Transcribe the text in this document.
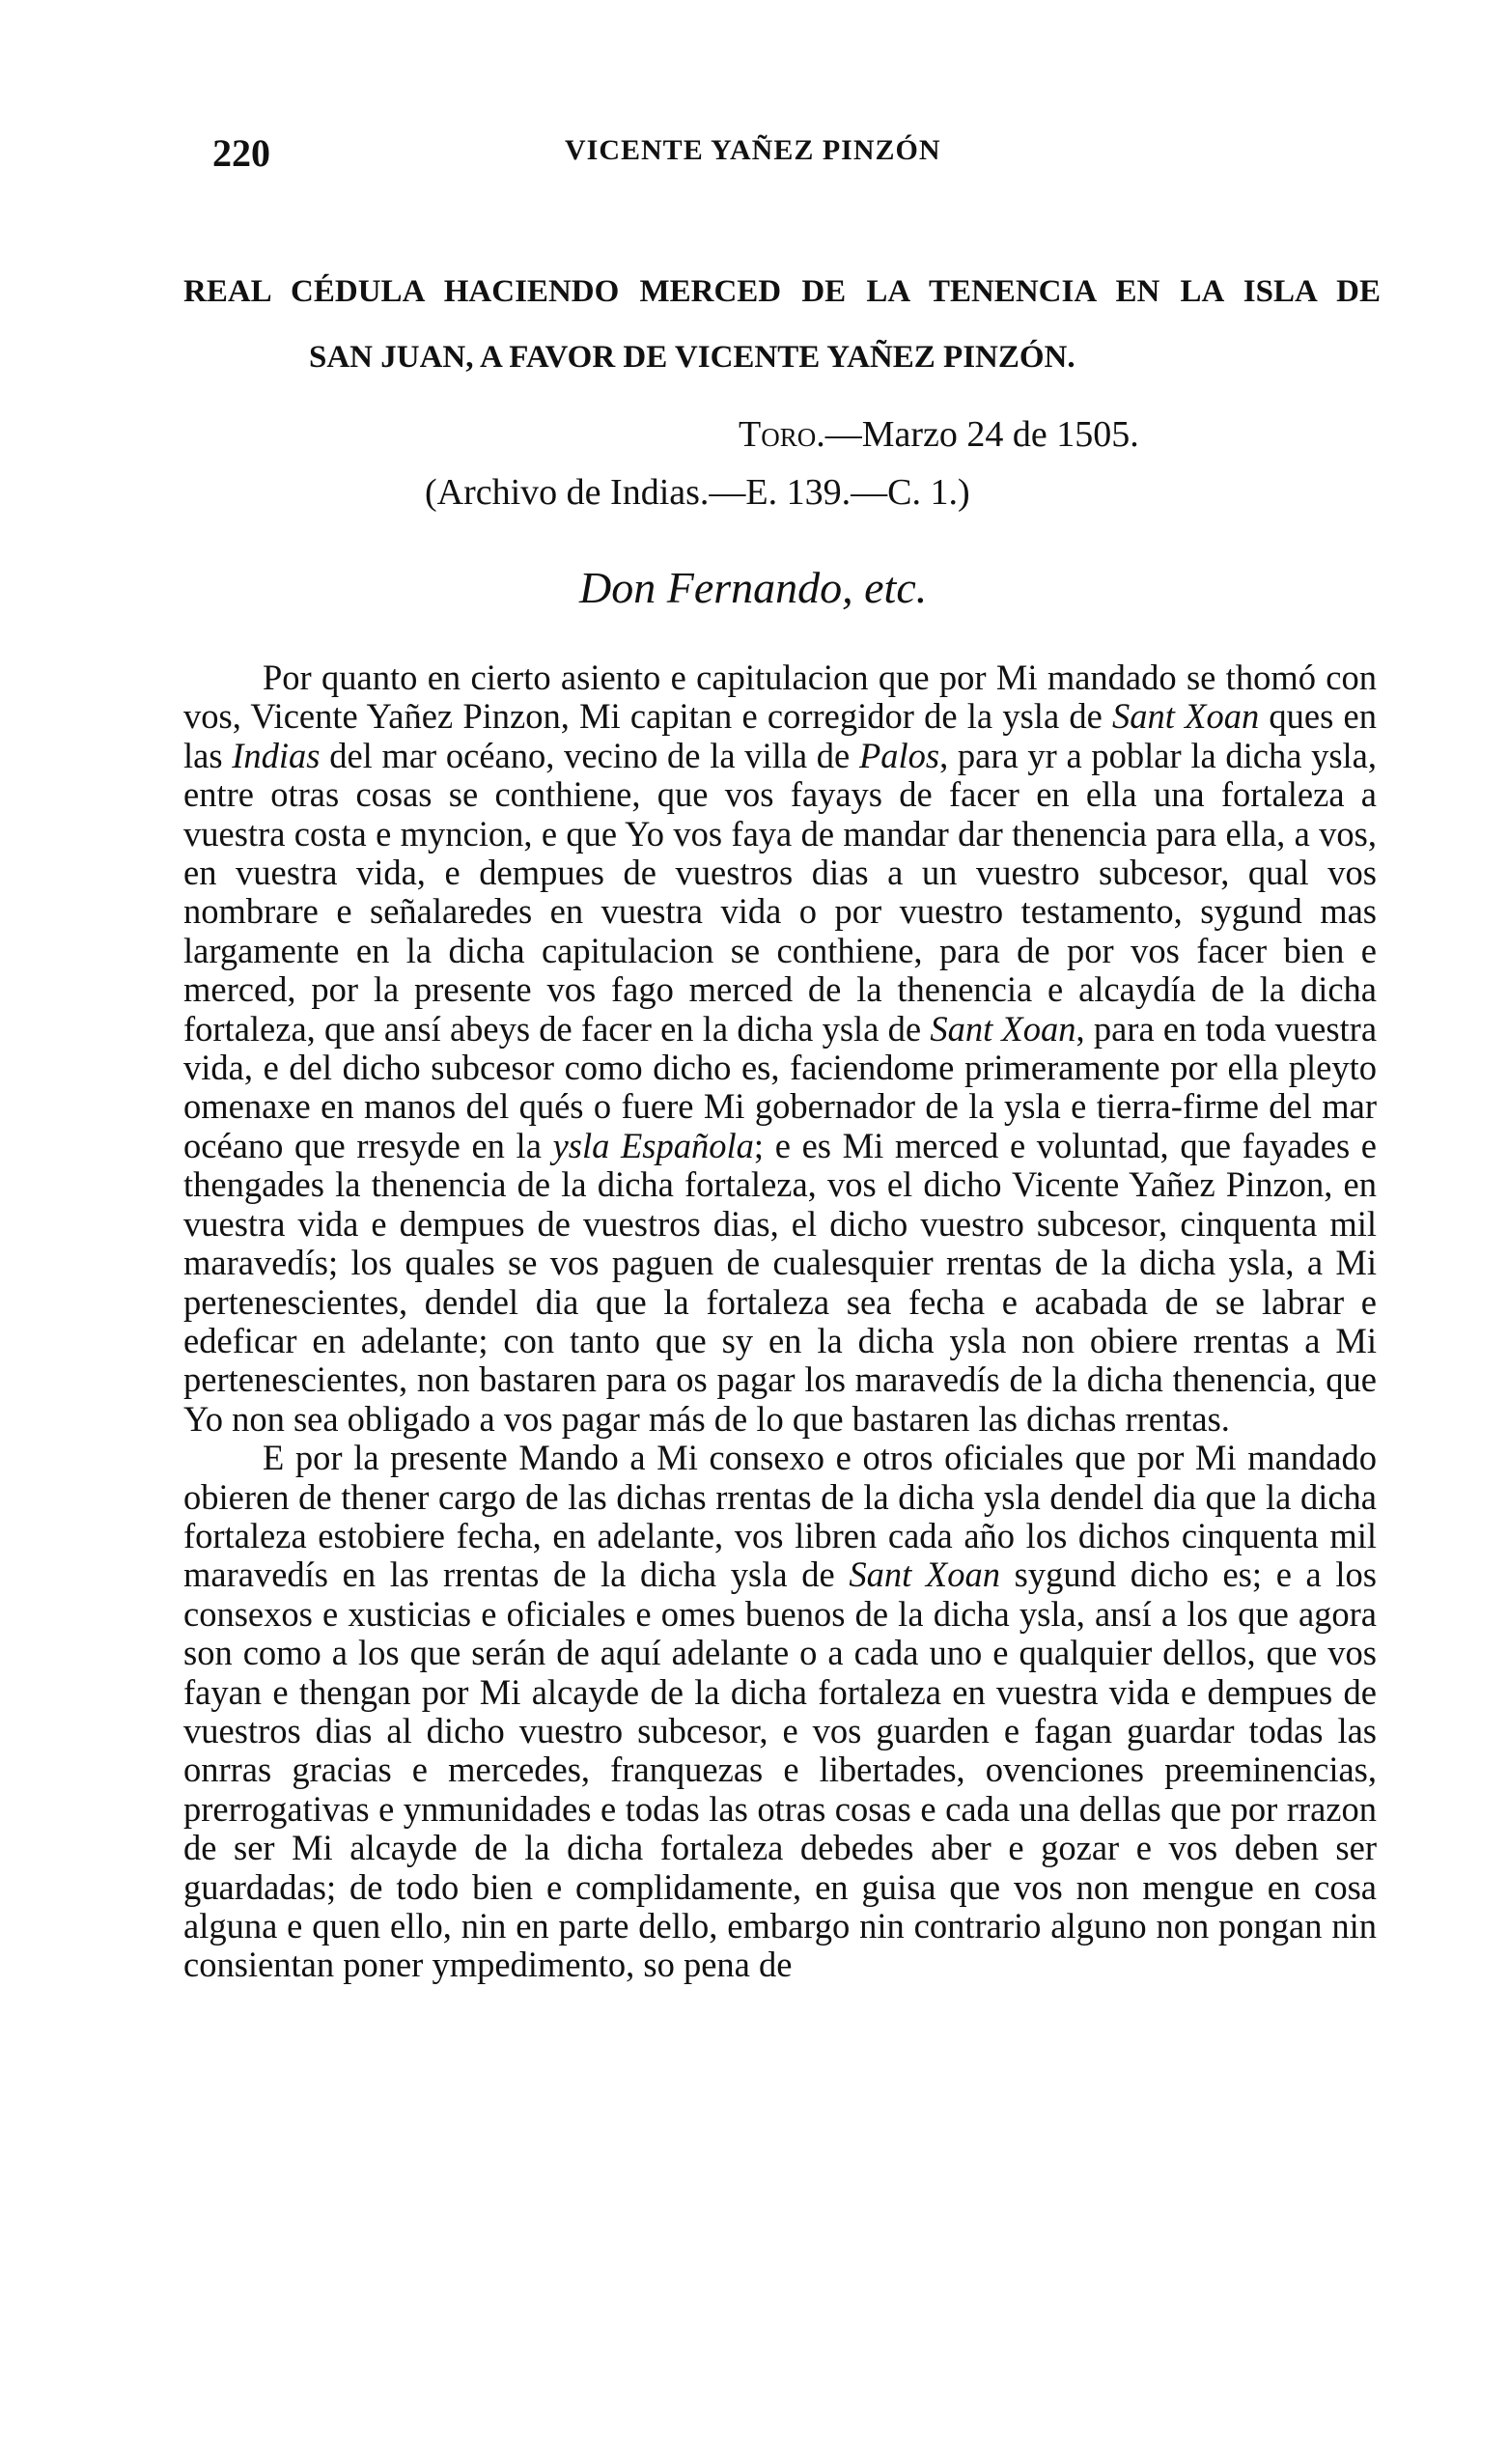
220	VICENTE YAÑEZ PINZÓN
REAL CÉDULA HACIENDO MERCED DE LA TENENCIA EN LA ISLA DE
SAN JUAN, A FAVOR DE VICENTE YAÑEZ PINZÓN.
Toro.—Marzo 24 de 1505.
(Archivo de Indias.—E. 139.—C. 1.)
Don Fernando, etc.

Por quanto en cierto asiento e capitulacion que por Mi mandado se thomó con vos, Vicente Yañez Pinzon, Mi capitan e corregidor de la ysla de Sant Xoan ques en las Indias del mar océano, vecino de la villa de Palos, para yr a poblar la dicha ysla, entre otras cosas se conthiene, que vos fayays de facer en ella una fortaleza a vuestra costa e myncion, e que Yo vos faya de mandar dar thenencia para ella, a vos, en vuestra vida, e dempues de vuestros dias a un vuestro subcesor, qual vos nombrare e señalaredes en vuestra vida o por vuestro testamento, sygund mas largamente en la dicha capitulacion se conthiene, para de por vos facer bien e merced, por la presente vos fago merced de la thenencia e alcaydía de la dicha fortaleza, que ansí abeys de facer en la dicha ysla de Sant Xoan, para en toda vuestra vida, e del dicho subcesor como dicho es, faciendome primeramente por ella pleyto omenaxe en manos del qués o fuere Mi gobernador de la ysla e tierra-firme del mar océano que rresyde en la ysla Española; e es Mi merced e voluntad, que fayades e thengades la thenencia de la dicha fortaleza, vos el dicho Vicente Yañez Pinzon, en vuestra vida e dempues de vuestros dias, el dicho vuestro subcesor, cinquenta mil maravedís; los quales se vos paguen de cualesquier rrentas de la dicha ysla, a Mi pertenescientes, dendel dia que la fortaleza sea fecha e acabada de se labrar e edeficar en adelante; con tanto que sy en la dicha ysla non obiere rrentas a Mi pertenescientes, non bastaren para os pagar los maravedís de la dicha thenencia, que Yo non sea obligado a vos pagar más de lo que bastaren las dichas rrentas.

E por la presente Mando a Mi consexo e otros oficiales que por Mi mandado obieren de thener cargo de las dichas rrentas de la dicha ysla dendel dia que la dicha fortaleza estobiere fecha, en adelante, vos libren cada año los dichos cinquenta mil maravedís en las rrentas de la dicha ysla de Sant Xoan sygund dicho es; e a los consexos e xusticias e oficiales e omes buenos de la dicha ysla, ansí a los que agora son como a los que serán de aquí adelante o a cada uno e qualquier dellos, que vos fayan e thengan por Mi alcayde de la dicha fortaleza en vuestra vida e dempues de vuestros dias al dicho vuestro subcesor, e vos guarden e fagan guardar todas las onrras gracias e mercedes, franquezas e libertades, ovenciones preeminencias, prerrogativas e ynmunidades e todas las otras cosas e cada una dellas que por rrazon de ser Mi alcayde de la dicha fortaleza debedes aber e gozar e vos deben ser guardadas; de todo bien e complidamente, en guisa que vos non mengue en cosa alguna e quen ello, nin en parte dello, embargo nin contrario alguno non pongan nin consientan poner ympedimento, so pena de
